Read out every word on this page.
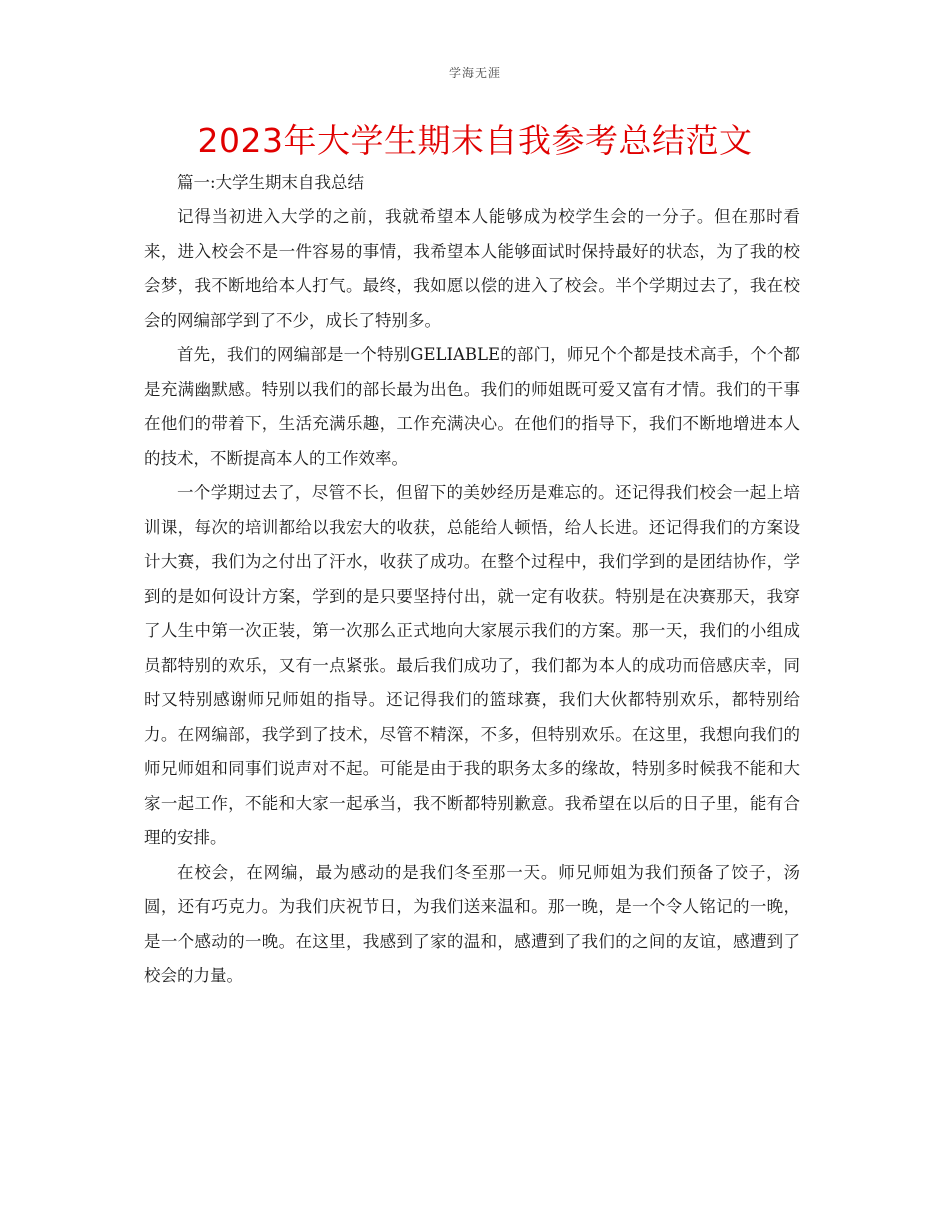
学海无涯
2023年大学生期末自我参考总结范文

篇一:大学生期末自我总结

记得当初进入大学的之前，我就希望本人能够成为校学生会的一分子。但在那时看来，进入校会不是一件容易的事情，我希望本人能够面试时保持最好的状态，为了我的校会梦，我不断地给本人打气。最终，我如愿以偿的进入了校会。半个学期过去了，我在校会的网编部学到了不少，成长了特别多。

首先，我们的网编部是一个特别GELIABLE的部门，师兄个个都是技术高手，个个都是充满幽默感。特别以我们的部长最为出色。我们的师姐既可爱又富有才情。我们的干事在他们的带着下，生活充满乐趣，工作充满决心。在他们的指导下，我们不断地增进本人的技术，不断提高本人的工作效率。

一个学期过去了，尽管不长，但留下的美妙经历是难忘的。还记得我们校会一起上培训课，每次的培训都给以我宏大的收获，总能给人顿悟，给人长进。还记得我们的方案设计大赛，我们为之付出了汗水，收获了成功。在整个过程中，我们学到的是团结协作，学到的是如何设计方案，学到的是只要坚持付出，就一定有收获。特别是在决赛那天，我穿了人生中第一次正装，第一次那么正式地向大家展示我们的方案。那一天，我们的小组成员都特别的欢乐，又有一点紧张。最后我们成功了，我们都为本人的成功而倍感庆幸，同时又特别感谢师兄师姐的指导。还记得我们的篮球赛，我们大伙都特别欢乐，都特别给力。在网编部，我学到了技术，尽管不精深，不多，但特别欢乐。在这里，我想向我们的师兄师姐和同事们说声对不起。可能是由于我的职务太多的缘故，特别多时候我不能和大家一起工作，不能和大家一起承当，我不断都特别歉意。我希望在以后的日子里，能有合理的安排。

在校会，在网编，最为感动的是我们冬至那一天。师兄师姐为我们预备了饺子，汤圆，还有巧克力。为我们庆祝节日，为我们送来温和。那一晚，是一个令人铭记的一晚，是一个感动的一晚。在这里，我感到了家的温和，感遭到了我们的之间的友谊，感遭到了校会的力量。
